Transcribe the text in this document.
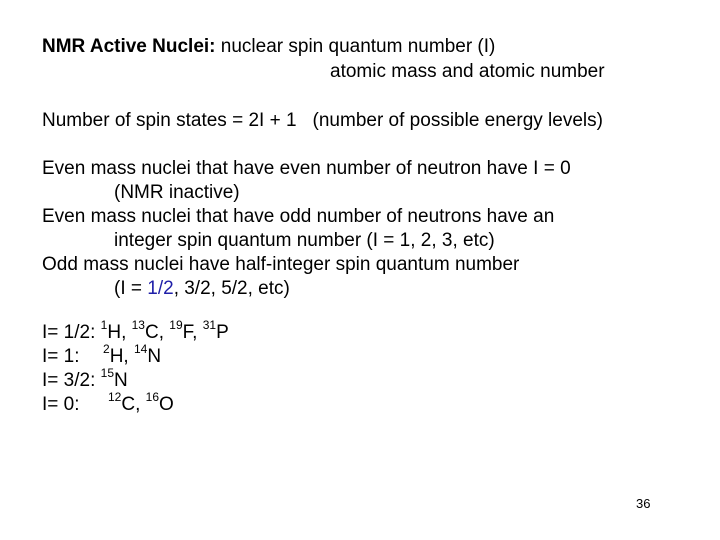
NMR Active Nuclei: nuclear spin quantum number (I)
atomic mass and atomic number
Number of spin states = 2I + 1 (number of possible energy levels)
Even mass nuclei that have even number of neutron have I = 0
(NMR inactive)
Even mass nuclei that have odd number of neutrons have an
integer spin quantum number (I = 1, 2, 3, etc)
Odd mass nuclei have half-integer spin quantum number
(I = 1/2, 3/2, 5/2, etc)
I= 1/2: $^1$H, $^{13}$C, $^{19}$F, $^{31}$P
I= 1: $^2$H, $^{14}$N
I= 3/2: $^{15}$N
I= 0: $^{12}$C, $^{16}$O
36
